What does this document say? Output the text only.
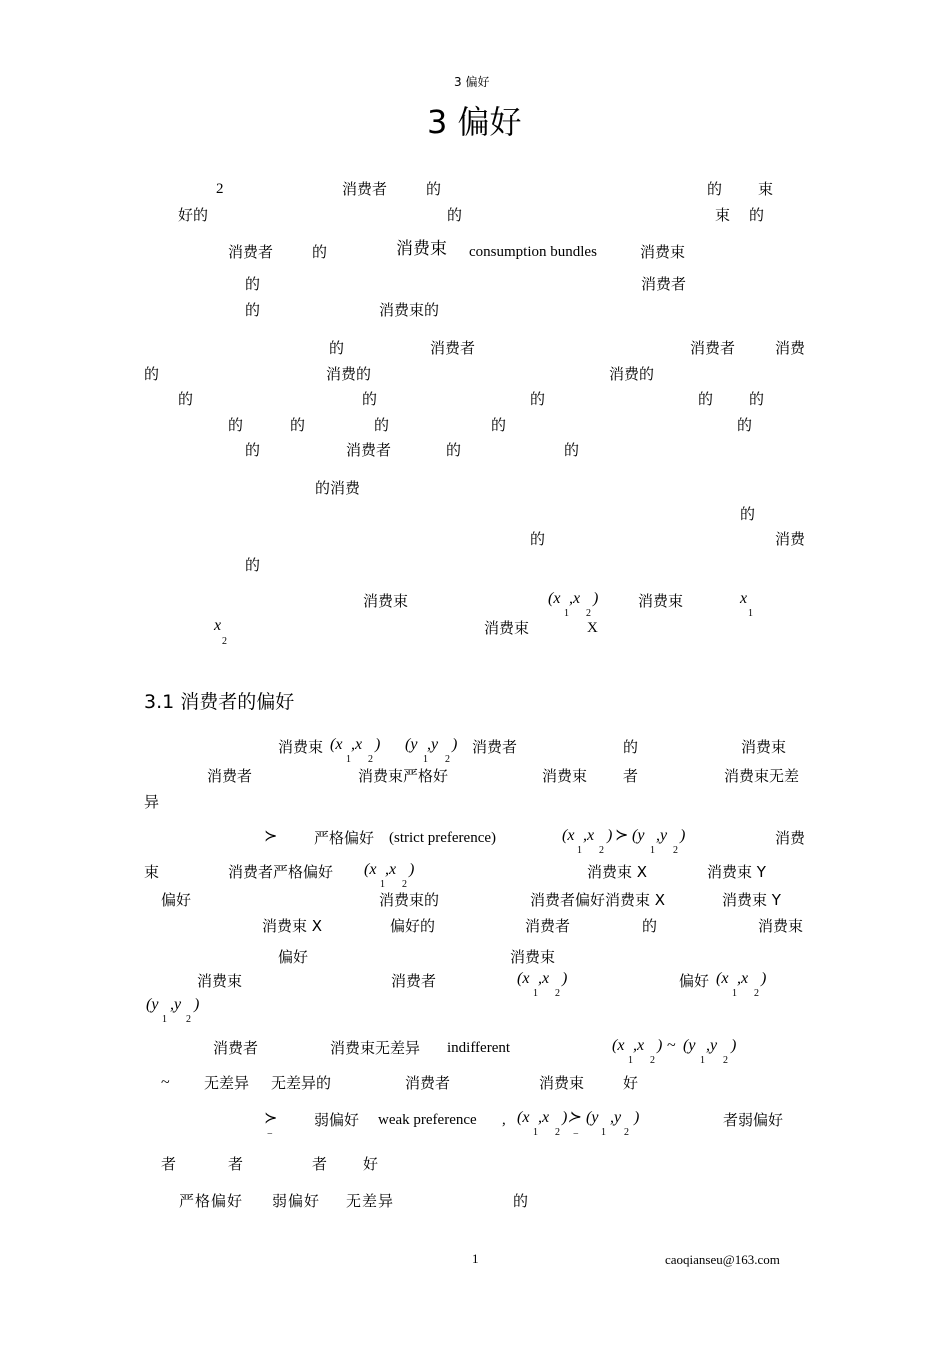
3 偏好
3 偏好
2	消费者	的	的 束
好的	的	束 的
消费者	的	消费束 consumption bundles	消费束
的	消费者
的	消费束的
的	消费者	消费者	消费
的	消费的	消费的
的	的	的	的 的
的	的	的	的	的
的	消费者	的	的
的消费
的
的	消费
的
消费束	(x ,x )
1 2
消费束	x
1
x
2
消费束	X
3.1 消费者的偏好
消费束 (x ,x )
1 2
(y ,y )
1 2
消费者	的	消费束
消费者	消费束严格好	消费束 者	消费束无差
异
≻ 严格偏好 (strict preference)	(x ,x ) ≻ (y ,y )
1 2	1 2
消费
束	消费者严格偏好 (x ,x )
1 2
消费束 X	消费束 Y
偏好	消费束的	消费者偏好消费束 X	消费束 Y
消费束 X	偏好的	消费者	的	消费束
偏好	消费束
消费束	消费者	(x ,x )
1 2
偏好 (x ,x )
1 2
(y ,y )
1 2
消费者	消费束无差异 indifferent	(x ,x ) ~ (y ,y )
1 2	1 2
~ 无差异 无差异的	消费者	消费束	好
≻
−
弱偏好 weak preference , (x ,x )≻ (y ,y )
1 2 − 1 2
者弱偏好
者	者	者 好
严格偏好 弱偏好 无差异	的
1	caoqianseu@163.com
